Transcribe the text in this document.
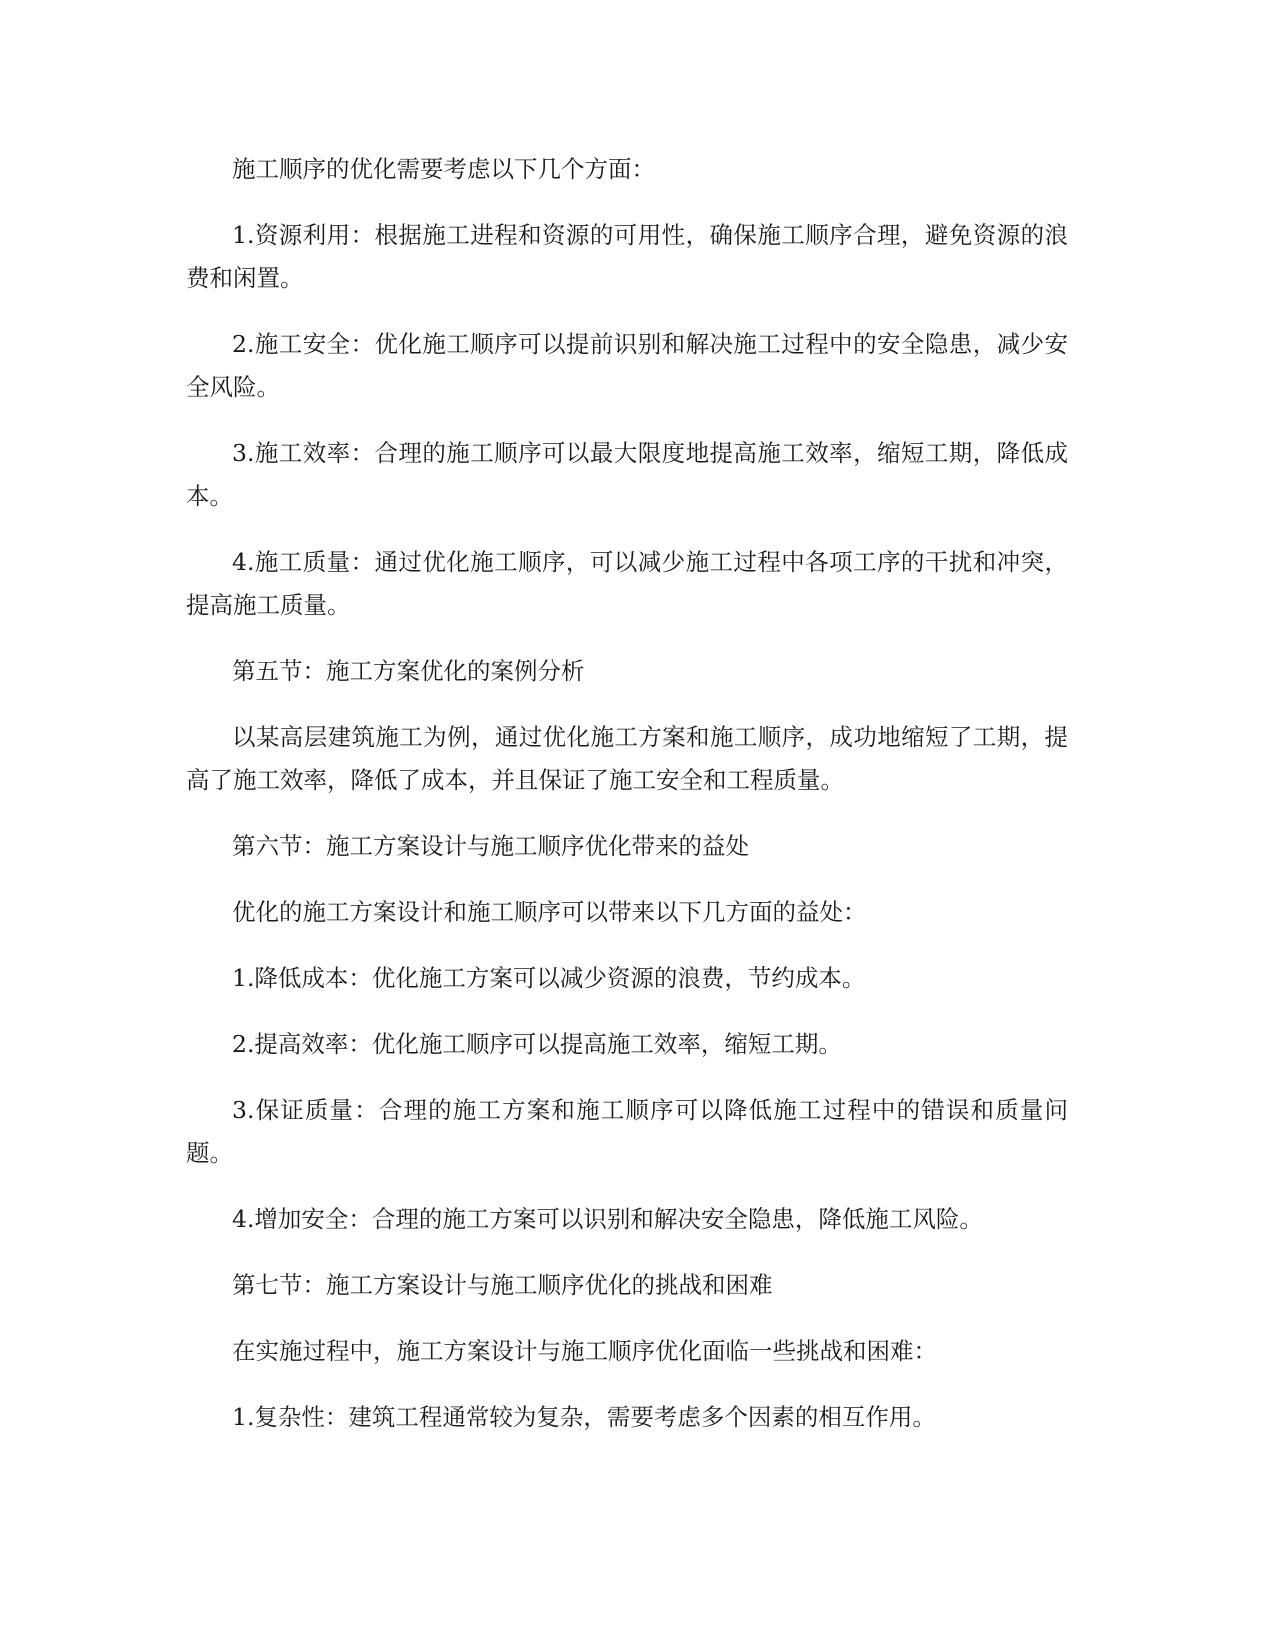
施工顺序的优化需要考虑以下几个方面：

1.资源利用：根据施工进程和资源的可用性，确保施工顺序合理，避免资源的浪费和闲置。

2.施工安全：优化施工顺序可以提前识别和解决施工过程中的安全隐患，减少安全风险。

3.施工效率：合理的施工顺序可以最大限度地提高施工效率，缩短工期，降低成本。

4.施工质量：通过优化施工顺序，可以减少施工过程中各项工序的干扰和冲突，提高施工质量。

第五节：施工方案优化的案例分析

以某高层建筑施工为例，通过优化施工方案和施工顺序，成功地缩短了工期，提高了施工效率，降低了成本，并且保证了施工安全和工程质量。

第六节：施工方案设计与施工顺序优化带来的益处

优化的施工方案设计和施工顺序可以带来以下几方面的益处：

1.降低成本：优化施工方案可以减少资源的浪费，节约成本。

2.提高效率：优化施工顺序可以提高施工效率，缩短工期。

3.保证质量：合理的施工方案和施工顺序可以降低施工过程中的错误和质量问题。

4.增加安全：合理的施工方案可以识别和解决安全隐患，降低施工风险。

第七节：施工方案设计与施工顺序优化的挑战和困难

在实施过程中，施工方案设计与施工顺序优化面临一些挑战和困难：

1.复杂性：建筑工程通常较为复杂，需要考虑多个因素的相互作用。
